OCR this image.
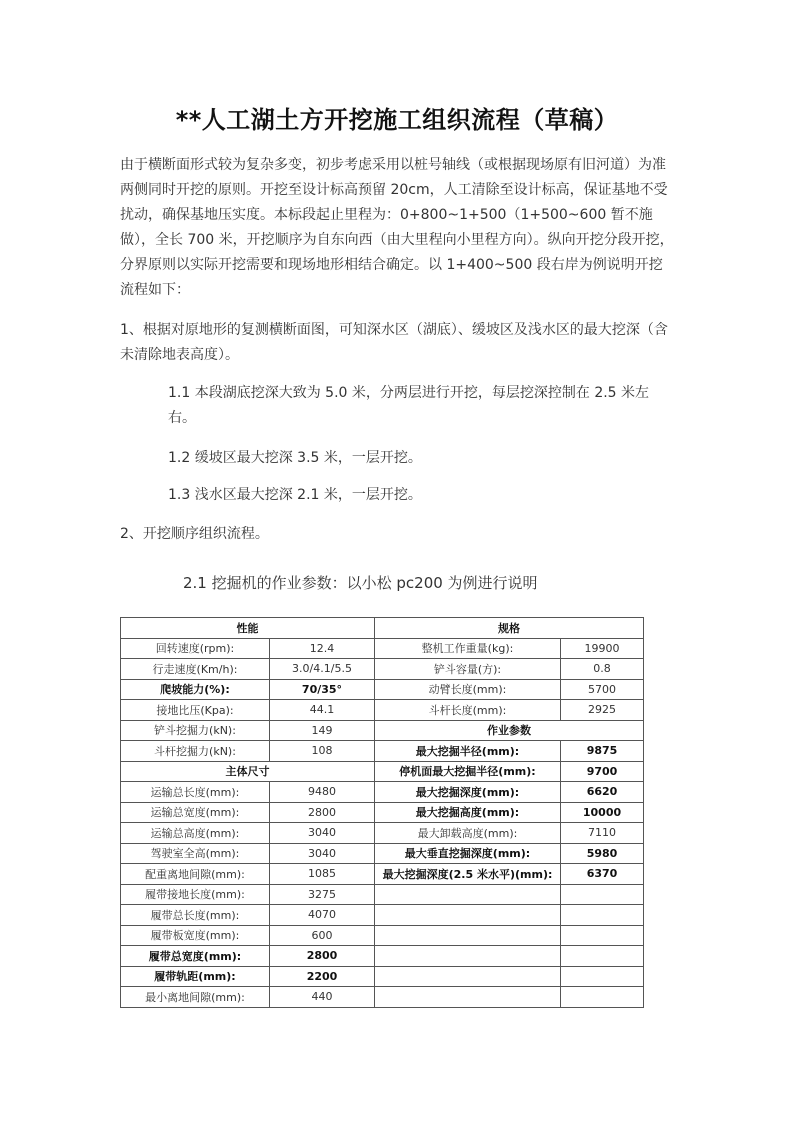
**人工湖土方开挖施工组织流程（草稿）

由于横断面形式较为复杂多变，初步考虑采用以桩号轴线（或根据现场原有旧河道）为准两侧同时开挖的原则。开挖至设计标高预留 20cm，人工清除至设计标高，保证基地不受扰动，确保基地压实度。本标段起止里程为：0+800~1+500（1+500~600 暂不施做），全长 700 米，开挖顺序为自东向西（由大里程向小里程方向）。纵向开挖分段开挖，分界原则以实际开挖需要和现场地形相结合确定。以 1+400~500 段右岸为例说明开挖流程如下：

1、根据对原地形的复测横断面图，可知深水区（湖底）、缓坡区及浅水区的最大挖深（含未清除地表高度）。

1.1 本段湖底挖深大致为 5.0 米，分两层进行开挖，每层挖深控制在 2.5 米左右。

1.2 缓坡区最大挖深 3.5 米，一层开挖。

1.3 浅水区最大挖深 2.1 米，一层开挖。

2、开挖顺序组织流程。

2.1 挖掘机的作业参数：以小松 pc200 为例进行说明

性能		规格	
回转速度(rpm):	12.4	整机工作重量(kg):	19900
行走速度(Km/h):	3.0/4.1/5.5	铲斗容量(方):	0.8
爬坡能力(%):	70/35°	动臂长度(mm):	5700
接地比压(Kpa):	44.1	斗杆长度(mm):	2925
铲斗挖掘力(kN):	149	作业参数	
斗杆挖掘力(kN):	108	最大挖掘半径(mm):	9875
主体尺寸		停机面最大挖掘半径(mm):	9700
运输总长度(mm):	9480	最大挖掘深度(mm):	6620
运输总宽度(mm):	2800	最大挖掘高度(mm):	10000
运输总高度(mm):	3040	最大卸载高度(mm):	7110
驾驶室全高(mm):	3040	最大垂直挖掘深度(mm):	5980
配重离地间隙(mm):	1085	最大挖掘深度(2.5 米水平)(mm):	6370
履带接地长度(mm):	3275		
履带总长度(mm):	4070		
履带板宽度(mm):	600		
履带总宽度(mm):	2800		
履带轨距(mm):	2200		
最小离地间隙(mm):	440		
